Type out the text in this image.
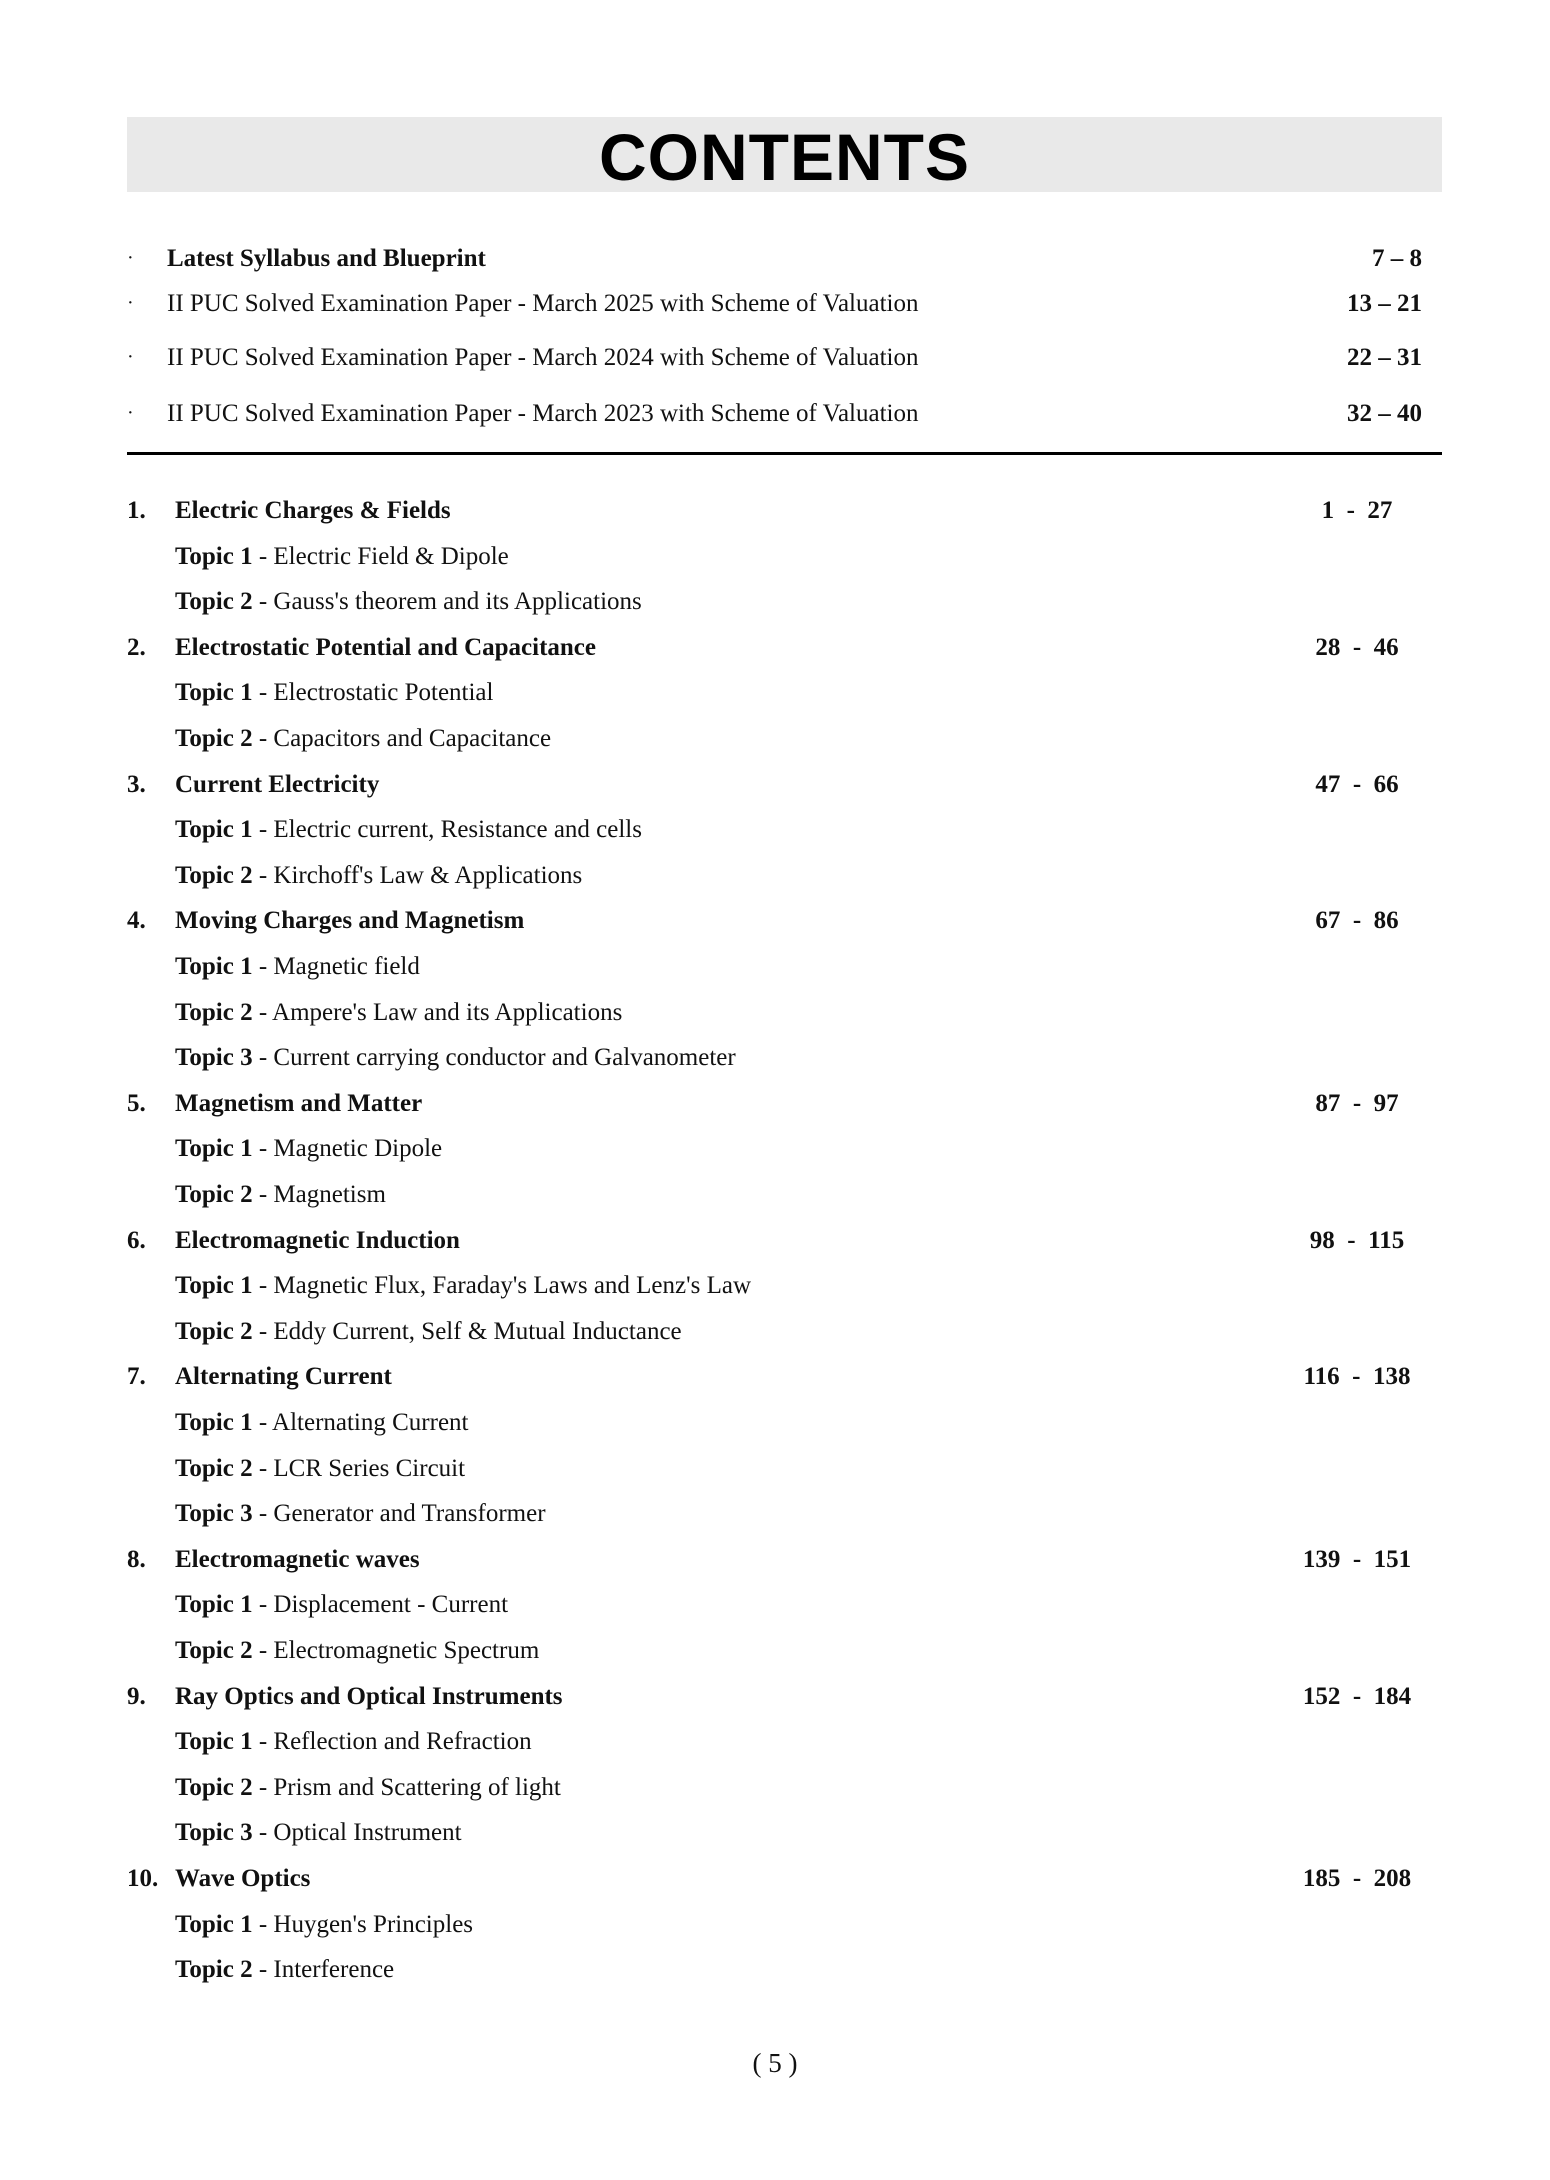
CONTENTS
· Latest Syllabus and Blueprint	7 – 8
· II PUC Solved Examination Paper - March 2025 with Scheme of Valuation	13 – 21
· II PUC Solved Examination Paper - March 2024 with Scheme of Valuation	22 – 31
· II PUC Solved Examination Paper - March 2023 with Scheme of Valuation	32 – 40
1. Electric Charges & Fields	1  -  27
Topic 1 - Electric Field & Dipole
Topic 2 - Gauss's theorem and its Applications
2. Electrostatic Potential and Capacitance	28  -  46
Topic 1 - Electrostatic Potential
Topic 2 - Capacitors and Capacitance
3. Current Electricity	47  -  66
Topic 1 - Electric current, Resistance and cells
Topic 2 - Kirchoff's Law & Applications
4. Moving Charges and Magnetism	67  -  86
Topic 1 - Magnetic field
Topic 2 - Ampere's Law and its Applications
Topic 3 - Current carrying conductor and Galvanometer
5. Magnetism and Matter	87  -  97
Topic 1 - Magnetic Dipole
Topic 2 - Magnetism
6. Electromagnetic Induction	98  -  115
Topic 1 - Magnetic Flux, Faraday's Laws and Lenz's Law
Topic 2 - Eddy Current, Self & Mutual Inductance
7. Alternating Current	116  -  138
Topic 1 - Alternating Current
Topic 2 - LCR Series Circuit
Topic 3 - Generator and Transformer
8. Electromagnetic waves	139  -  151
Topic 1 - Displacement - Current
Topic 2 - Electromagnetic Spectrum
9. Ray Optics and Optical Instruments	152  -  184
Topic 1 - Reflection and Refraction
Topic 2 - Prism and Scattering of light
Topic 3 - Optical Instrument
10. Wave Optics	185  -  208
Topic 1 - Huygen's Principles
Topic 2 - Interference
( 5 )
